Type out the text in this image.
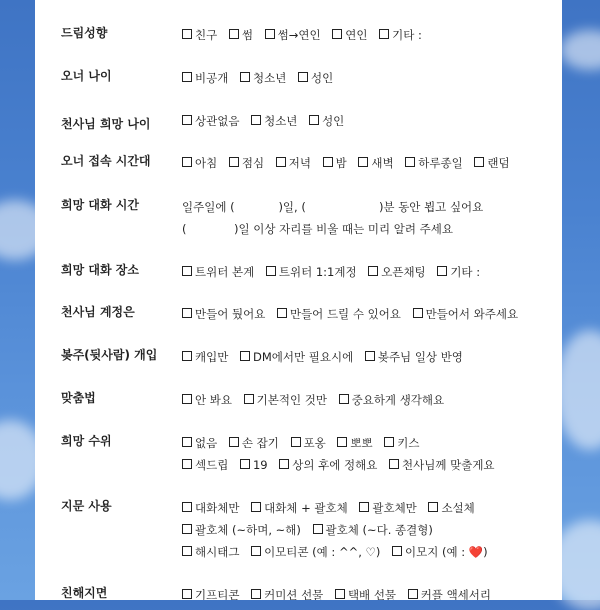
드림성향	친구 썸 썸→연인 연인 기타 :
오너 나이	비공개 청소년 성인
천사님 희망 나이	상관없음 청소년 성인
오너 접속 시간대	아침 점심 저녁 밤 새벽 하루종일 랜덤
희망 대화 시간	일주일에 (            )일, (                    )분 동안 뵙고 싶어요
(             )일 이상 자리를 비울 때는 미리 알려 주세요
희망 대화 장소	트위터 본계 트위터 1:1계정 오픈채팅 기타 :
천사님 계정은	만들어 뒀어요 만들어 드릴 수 있어요 만들어서 와주세요
봊주(뒷사람) 개입	캐입만 DM에서만 필요시에 봊주님 일상 반영
맞춤법	안 봐요 기본적인 것만 중요하게 생각해요
희망 수위	없음 손 잡기 포옹 뽀뽀 키스
섹드립 19 상의 후에 정해요 천사님께 맞출게요
지문 사용	대화체만 대화체 + 괄호체 괄호체만 소설체
괄호체 (~하며, ~해) 괄호체 (~다. 종결형)
해시태그 이모티콘 (예 : ^^, ♡) 이모지 (예 : ❤️)
친해지면	기프티콘 커미션 선물 택배 선물 커플 액세서리
